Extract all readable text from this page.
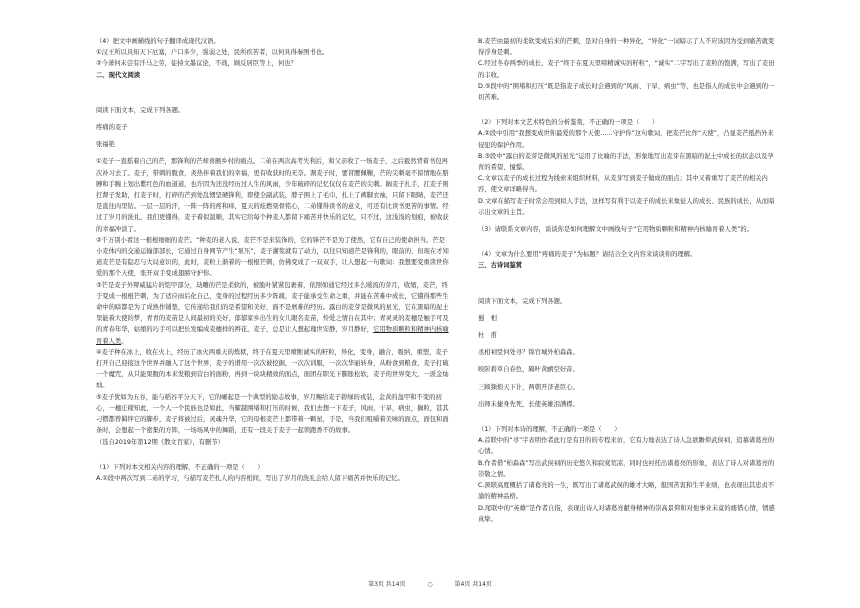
（4）把文中画横线的句子翻译成现代汉语。

①汉王所以具知天下厄塞，户口多少，强弱之处，民所疾苦者，以何具得秦图书也。

②今萧何未尝有汗马之劳，徒持文墨议论，不战，顾反居臣等上，何也？

二、现代文阅读

阅读下面文本，完成下列各题。

疼痛的麦子

张福艳

①麦子一直摇着自己的芒，那锋利的芒却喜颤乡村的痛点。二弟在两次高考失利后，和父亲收了一场麦子，之后毅然背着书包再次补习去了。麦子，带刺的腹食，炎热伴着我们的幸福，更有收获时的无奈。割麦子时，要冒腰佩鞠，芒的尖刺毫不留情地在胳膊和手腕上划出紫红色的血道道，也许因为还没经历过人生的风雨，少年破碎的记忆仅仅在麦芒的尖刺。搁麦子扎手，扛麦子则扛督子发助，打麦子时，打碎的芒到处乱惯坚硬锋利，即使全副武装，脖子围上了毛巾，扎上了裤脚衣袖，只留下眼睛，麦芒还是直往肉里钻。一层一层的汗，一阵一阵的疼和痒，夏天的炫燃刻骨铭心，二弟懂得读书的意义，可还有比读书更苦的事情。经过了岁月的洗礼，我们更懂得，麦子着似温顺，其实它给每个种麦人都留下痛苦并快乐的记忆，只不过，这浅浅的划痕，被收获的幸福冲淡了。

②千万别小看这一根根细细的麦芒。“种麦的老人说，麦芒不是来装饰的，它的锋芒不是为了使然，它有自己的使命担当。芒是小麦体内的交通运输部部长，它通过自身网节产生“泵压”，麦子灌浆就有了动力，以往只知道芒是锋利的，眼前的，但现在才知道麦芒是有隐忍与大局意识的，此时，麦粒上渐着的一根根芒刺，仿佛变成了一双双手，让人想起一句歌词：我想要变重读世你爱的那个天使，张开双手变成翅膀守护你。

③芒是麦子外辩威猛片的铠甲部分，劫雕的芒是柔软的，被脆叶紧紧包裹着，依照如通它经过多么暖流的芽月，收缩，麦芒，终于变成一根根芒刺，为了适应雨后化自己，变身的过程经历多少阵痛，麦子能承受生命之重，并能在苦难中成长，它懂得那些生命中的暗都是为了成熟作铺垫，它传递给我们的是希望和美好，面不是磨难的经历。露白的麦芽是微风的星光，它在黑暗的泥土里能着大使的梦，青青的麦苗是人间最初的美好，郁郁家乡出生的女儿眼名麦苗，怜爱之情自在其中；青灵灵的麦穗是触手可及的青春年华，姑娘的巧手可以把长发编成麦穗样的辫花，麦子，总是让人想起瑰世安静，岁月静好，它用物质颗粒和精神内核喻育着人类。

④麦子种在冰上，收在火上，经历了冰火两重天的炼狱，终于在夏天里喷断诚实的籽粒，异化，变身，融合，吸纳，重塑，麦子打开自己迎接这个世界并融入了这个世界，麦子的谱用一次次被挖掘，一次次训服，一次次华丽转身，从粉食到粮食，麦子打破一个魔咒，从只能果腹的本来发粮到营白的面粉，再到一块块精致的面点，面团在职光下膨胀松软，麦子的世界变大，一派金灿灿。

⑤麦子犹如为五谷，能与稻谷平分天下，它的崛起是一个典型的励志故事，岁月赐给麦子碧绿的戎装，金黄的盔甲和不变的初心，一穗庄稼知此，一个人一个民族也是如此，当耀越围堵和打压的时候，我们去想一下麦子，风雨，干旱，病虫，搁粒，甚其刁攒都曾羁绊它的脚步，麦子将被过后，灵魂升华，它的母根麦芒上都带着一颗星，于是，当我们咀嚼着美味的面点，面包和面条时，会想起一个密集的方阵，一场场风中的舞蹈，还有一段关于麦子一起领跑香不的故事。

（选自2019年第12期《散文百家》，有删节）

（1）下列对本文相关内容的理解，不正确的一项是（　　）

A.①段中两次写到二弟的学习，与描写麦芒扎人的内容相间，写出了岁月的洗礼会给人留下痛苦并快乐的记忆。

B.麦芒由最初的柔软变成后来的芒刺，是对自身的一种异化，“异化”一词暗示了人不应该因为受到痛苦就变得浮身是刺。

C.经过冬春两季的成长，麦子“终于在夏天里啼精诚实的籽粒”，“诚实”二字写出了麦粒的饱满，写出了麦田的丰收。

D.⑤段中的“围堵和打压”既是指麦子成长时会遇到的“风雨、干旱、病虫”等，也是指人的成长中会遇到的一切苦难。

（2）下列对本文艺术特色的分析鉴赏，不正确的一项是（　　）

A.②段中引用“我想变成世你最爱的那个天使……守护你”这句歌词，把麦芒比作“天使”，凸显麦芒抵挡外来侵犯的保护作用。

B.③段中“露白的麦芽是微风的星光”运用了比喻的手法，形象地写出麦芽在黑暗的泥土中成长的状态以及孕育的希望、憧憬。

C.文章以麦子的成长过程为线索来组织材料，从麦芽写到麦子做成的面点；其中又着重写了麦芒的相关内容，使文章详略得当。

D.文章在描写麦子时常会用到拟人手法，这样写有利于以麦子的成长来象征人的成长、民族的成长，从而暗示出文章的主旨。

（3）请联系文章内容，谈谈你是如何理解文中画线句子“它用物质颗粒和精神内核喻育着人类”的。

（4）文章为什么要用“疼痛的麦子”为标题？请结合全文内容来谈谈你的理解。

三、古诗词鉴赏

阅读下面文本，完成下列各题。

蜀　相

杜　甫

丞相祠堂何处寻？锦官城外柏森森。

映阶碧草自春色，隔叶黄鹂空好音。

三顾频烦天下计，两朝开济老臣心。

出师未捷身先死，长使英雄泪满襟。

（1）下列对本诗的理解，不正确的一项是（　　）

A.首联中的“寻”字表明作者此行是有目的的专程来访，它有力地表达了诗人急欲瞻仰武侯祠、追慕诸葛亮的心情。

B.作者借“柏森森”写出武侯祠的历史悠久和寂寞荒凉，同时也衬托出诸葛亮的形象，表达了诗人对诸葛亮的崇敬之情。

C.颈联高度概括了诸葛亮的一生，既写出了诸葛武侯的雄才大略，报国苦衷和生平业绩，也表现出其忠贞不渝的精神品格。

D.尾联中的“英雄”是作者自指，表现出诗人对诸葛亮献身精神的崇高景仰和对他事业未竟的痛惜心情，情感真挚。

第3页 共14页	○	第4页 共14页
